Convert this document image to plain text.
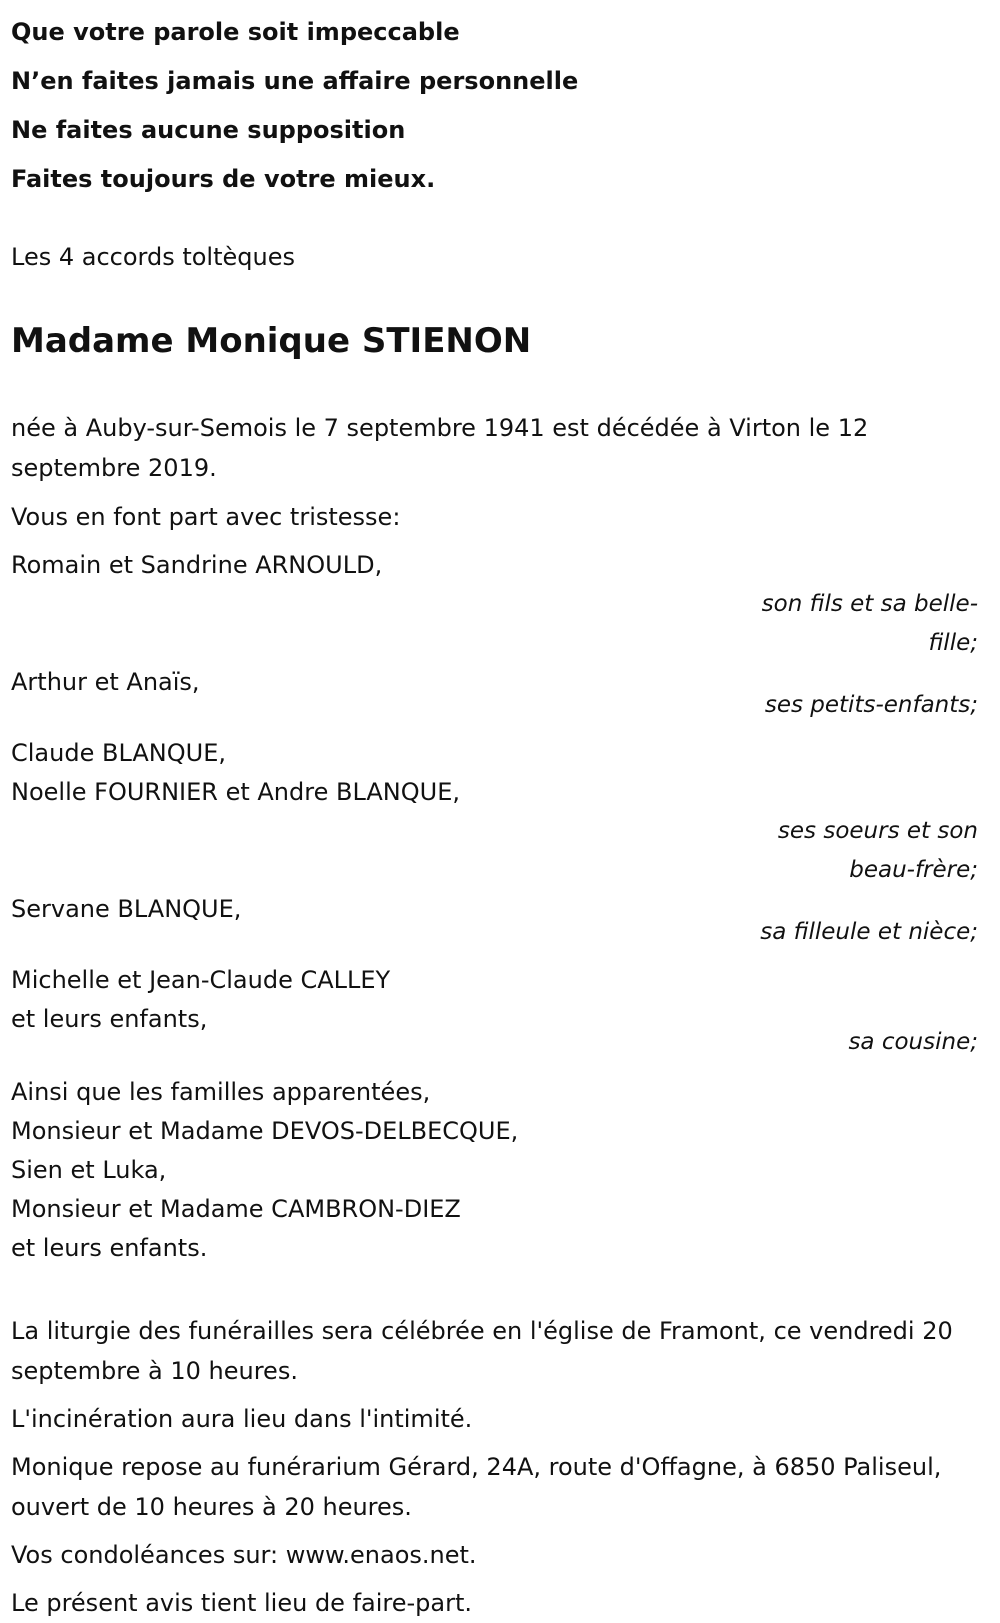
Que votre parole soit impeccable

N’en faites jamais une affaire personnelle

Ne faites aucune supposition

Faites toujours de votre mieux.

Les 4 accords toltèques

Madame Monique STIENON

née à Auby-sur-Semois le 7 septembre 1941 est décédée à Virton le 12 septembre 2019.

Vous en font part avec tristesse:

Romain et Sandrine ARNOULD,
son fils et sa belle-fille;
Arthur et Anaïs,
ses petits-enfants;
Claude BLANQUE,
Noelle FOURNIER et Andre BLANQUE,
ses soeurs et son beau-frère;
Servane BLANQUE,
sa filleule et nièce;
Michelle et Jean-Claude CALLEY
et leurs enfants,
sa cousine;
Ainsi que les familles apparentées,
Monsieur et Madame DEVOS-DELBECQUE,
Sien et Luka,
Monsieur et Madame CAMBRON-DIEZ
et leurs enfants.

La liturgie des funérailles sera célébrée en l'église de Framont, ce vendredi 20 septembre à 10 heures.

L'incinération aura lieu dans l'intimité.

Monique repose au funérarium Gérard, 24A, route d'Offagne, à 6850 Paliseul, ouvert de 10 heures à 20 heures.

Vos condoléances sur: www.enaos.net.

Le présent avis tient lieu de faire-part.
